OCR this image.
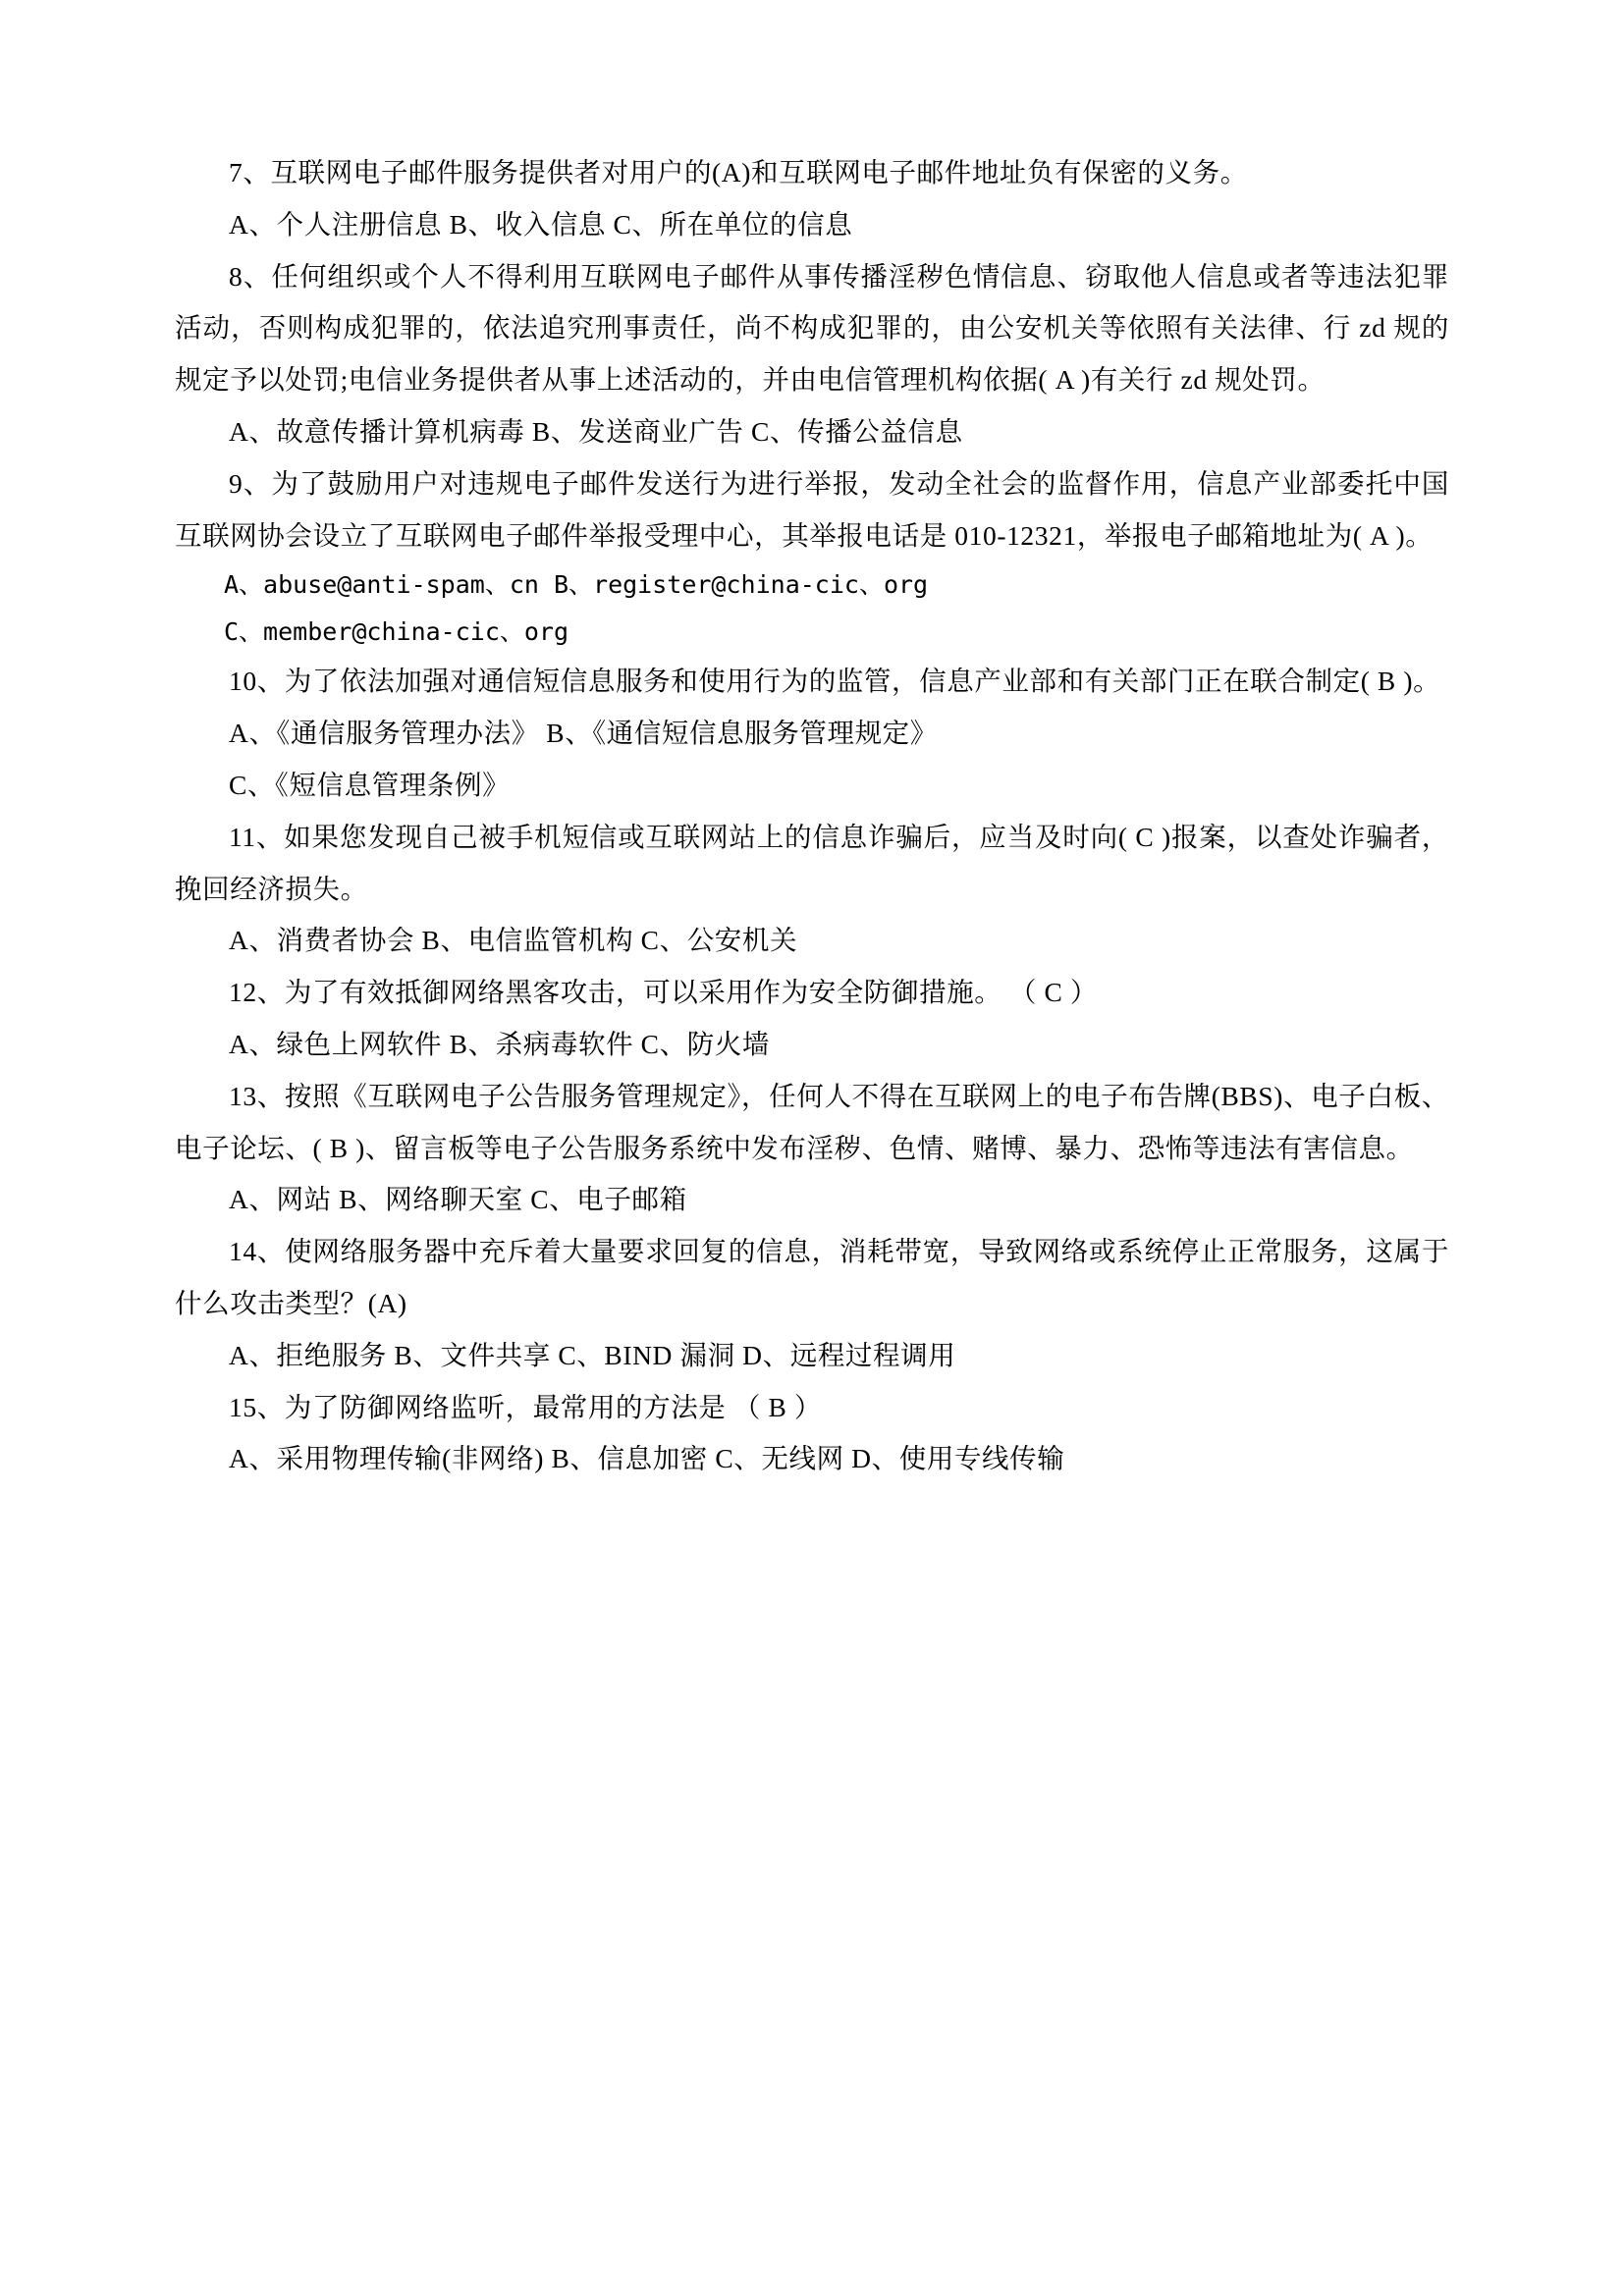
7、互联网电子邮件服务提供者对用户的(A)和互联网电子邮件地址负有保密的义务。

A、个人注册信息 B、收入信息 C、所在单位的信息

8、任何组织或个人不得利用互联网电子邮件从事传播淫秽色情信息、窃取他人信息或者等违法犯罪活动，否则构成犯罪的，依法追究刑事责任，尚不构成犯罪的，由公安机关等依照有关法律、行 zd 规的规定予以处罚;电信业务提供者从事上述活动的，并由电信管理机构依据( A )有关行 zd 规处罚。

A、故意传播计算机病毒 B、发送商业广告 C、传播公益信息

9、为了鼓励用户对违规电子邮件发送行为进行举报，发动全社会的监督作用，信息产业部委托中国互联网协会设立了互联网电子邮件举报受理中心，其举报电话是 010-12321，举报电子邮箱地址为( A )。

A、abuse@anti-spam、cn B、register@china-cic、org

C、member@china-cic、org

10、为了依法加强对通信短信息服务和使用行为的监管，信息产业部和有关部门正在联合制定( B )。

A、《通信服务管理办法》 B、《通信短信息服务管理规定》

C、《短信息管理条例》

11、如果您发现自己被手机短信或互联网站上的信息诈骗后，应当及时向( C )报案，以查处诈骗者，挽回经济损失。

A、消费者协会 B、电信监管机构 C、公安机关

12、为了有效抵御网络黑客攻击，可以采用作为安全防御措施。 （ C ）

A、绿色上网软件 B、杀病毒软件 C、防火墙

13、按照《互联网电子公告服务管理规定》，任何人不得在互联网上的电子布告牌(BBS)、电子白板、电子论坛、( B )、留言板等电子公告服务系统中发布淫秽、色情、赌博、暴力、恐怖等违法有害信息。

A、网站 B、网络聊天室 C、电子邮箱

14、使网络服务器中充斥着大量要求回复的信息，消耗带宽，导致网络或系统停止正常服务，这属于什么攻击类型？(A)

A、拒绝服务 B、文件共享 C、BIND 漏洞 D、远程过程调用

15、为了防御网络监听，最常用的方法是 （ B ）

A、采用物理传输(非网络) B、信息加密 C、无线网 D、使用专线传输
